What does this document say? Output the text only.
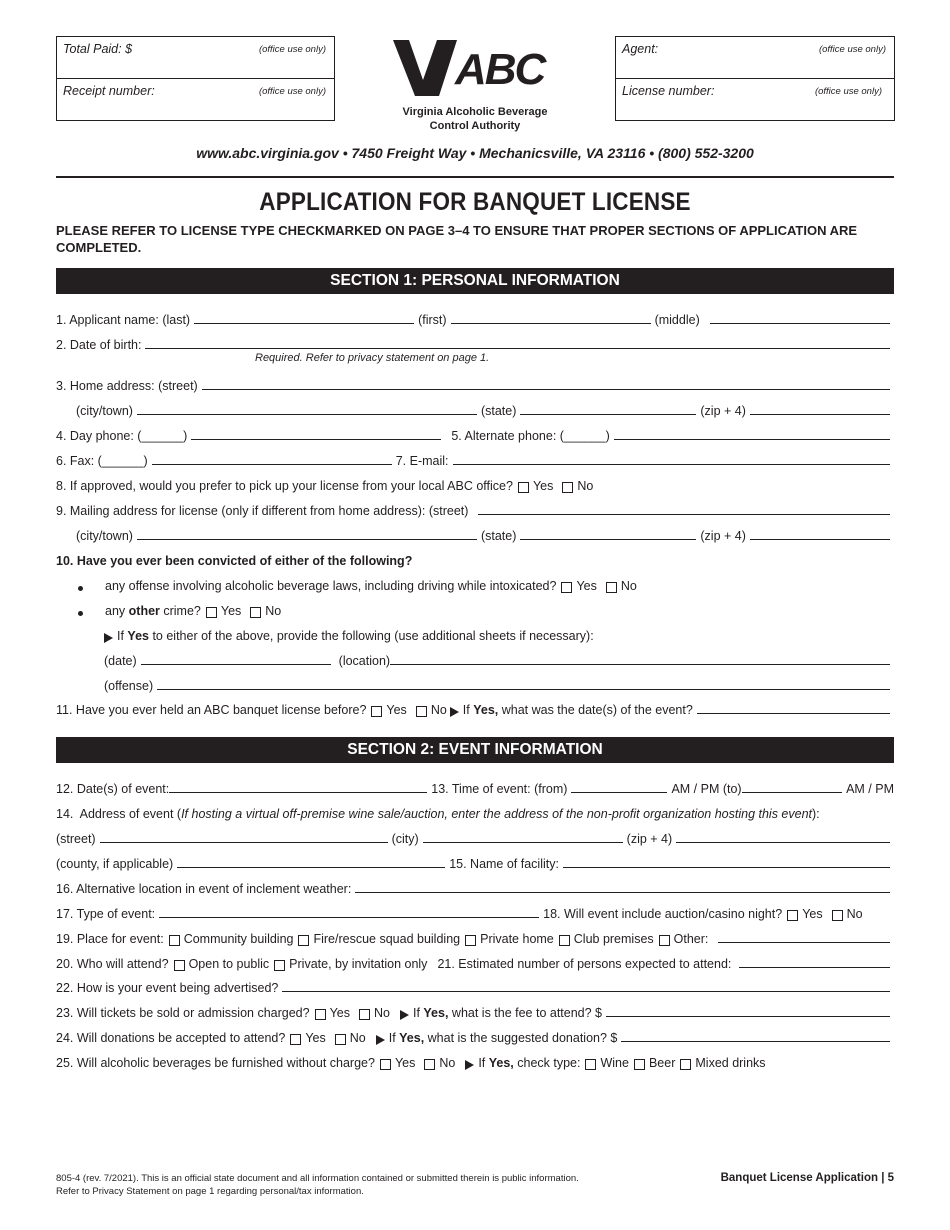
Total Paid: $	(office use only)
Receipt number:	(office use only)
Agent:	(office use only)
License number:	(office use only)
ABC
Virginia Alcoholic Beverage
Control Authority
www.abc.virginia.gov • 7450 Freight Way • Mechanicsville, VA 23116 • (800) 552-3200
APPLICATION FOR BANQUET LICENSE
PLEASE REFER TO LICENSE TYPE CHECKMARKED ON PAGE 3–4 TO ENSURE THAT PROPER SECTIONS OF APPLICATION ARE COMPLETED.
SECTION 1: PERSONAL INFORMATION
1. Applicant name: (last)	(first)	(middle)
2. Date of birth:
Required. Refer to privacy statement on page 1.
3. Home address: (street)
(city/town)	(state)	(zip + 4)
4. Day phone: (______)	5. Alternate phone: (______)
6. Fax: (______)	7. E-mail:
8. If approved, would you prefer to pick up your license from your local ABC office? Yes No
9. Mailing address for license (only if different from home address): (street)
(city/town)	(state)	(zip + 4)
10. Have you ever been convicted of either of the following?
any offense involving alcoholic beverage laws, including driving while intoxicated? Yes No
any other crime? Yes No
If Yes to either of the above, provide the following (use additional sheets if necessary):
(date)	(location)
(offense)
11. Have you ever held an ABC banquet license before? Yes No If Yes, what was the date(s) of the event?
SECTION 2: EVENT INFORMATION
12. Date(s) of event:	13. Time of event: (from)	AM / PM (to)	AM / PM
14.  Address of event ( If hosting a virtual off-premise wine sale/auction, enter the address of the non-profit organization hosting this event ):
(street)	(city)	(zip + 4)
(county, if applicable)	15. Name of facility:
16. Alternative location in event of inclement weather:
17. Type of event:	18. Will event include auction/casino night? Yes No
19. Place for event: Community building Fire/rescue squad building Private home Club premises Other:
20. Who will attend? Open to public Private, by invitation only 21. Estimated number of persons expected to attend:
22. How is your event being advertised?
23. Will tickets be sold or admission charged? Yes No If Yes, what is the fee to attend? $
24. Will donations be accepted to attend? Yes No If Yes, what is the suggested donation? $
25. Will alcoholic beverages be furnished without charge? Yes No If Yes, check type: Wine Beer Mixed drinks
805-4 (rev. 7/2021). This is an official state document and all information contained or submitted therein is public information.
Refer to Privacy Statement on page 1 regarding personal/tax information.
Banquet License Application | 5
